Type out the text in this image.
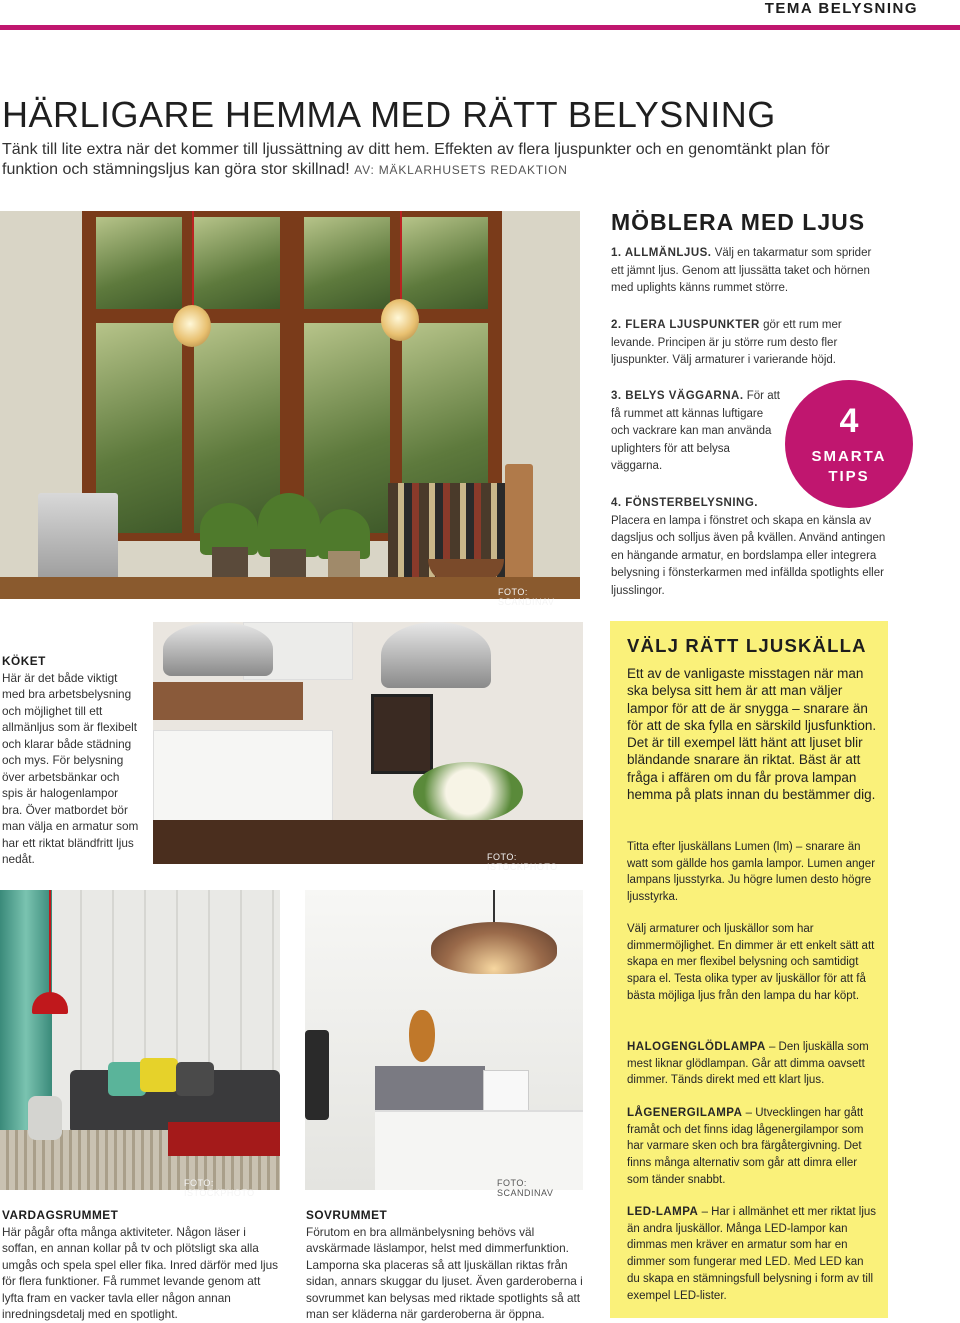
TEMA BELYSNING
HÄRLIGARE HEMMA MED RÄTT BELYSNING

Tänk till lite extra när det kommer till ljussättning av ditt hem. Effekten av flera ljuspunkter och en genomtänkt plan för funktion och stämningsljus kan göra stor skillnad! AV: MÄKLARHUSETS REDAKTION

FOTO: SCANDINAV
MÖBLERA MED LJUS

1. ALLMÄNLJUS. Välj en takarmatur som sprider ett jämnt ljus. Genom att ljussätta taket och hörnen med uplights känns rummet större.

2. FLERA LJUSPUNKTER gör ett rum mer levande. Principen är ju större rum desto fler ljuspunkter. Välj armaturer i varierande höjd.

3. BELYS VÄGGARNA. För att få rummet att kännas luftigare och vackrare kan man använda uplighters för att belysa väggarna.

4. FÖNSTERBELYSNING.
Placera en lampa i fönstret och skapa en känsla av dagsljus och solljus även på kvällen. Använd antingen en hängande armatur, en bordslampa eller integrera belysning i fönsterkarmen med infällda spotlights eller ljusslingor.

4
SMARTA TIPS
KÖKET
Här är det både viktigt med bra arbetsbelysning och möjlighet till ett allmänljus som är flexibelt och klarar både städning och mys. För belysning över arbetsbänkar och spis är halogenlampor bra. Över matbordet bör man välja en armatur som har ett riktat bländfritt ljus nedåt.	FOTO: ISTOCKPHOTO
FOTO: ISTOCKPHOTO
FOTO: SCANDINAV
VARDAGSRUMMET
Här pågår ofta många aktiviteter. Någon läser i soffan, en annan kollar på tv och plötsligt ska alla umgås och spela spel eller fika. Inred därför med ljus för flera funktioner. Få rummet levande genom att lyfta fram en vacker tavla eller någon annan inredningsdetalj med en spotlight.
SOVRUMMET
Förutom en bra allmänbelysning behövs väl avskärmade läslampor, helst med dimmerfunktion. Lamporna ska placeras så att ljuskällan riktas från sidan, annars skuggar du ljuset. Även garderoberna i sovrummet kan belysas med riktade spotlights så att man ser kläderna när garderoberna är öppna.
VÄLJ RÄTT LJUSKÄLLA

Ett av de vanligaste misstagen när man ska belysa sitt hem är att man väljer lampor för att de är snygga – snarare än för att de ska fylla en särskild ljusfunktion. Det är till exempel lätt hänt att ljuset blir bländande snarare än riktat. Bäst är att fråga i affären om du får prova lampan hemma på plats innan du bestämmer dig.

Titta efter ljuskällans Lumen (lm) – snarare än watt som gällde hos gamla lampor. Lumen anger lampans ljusstyrka. Ju högre lumen desto högre ljusstyrka.

Välj armaturer och ljuskällor som har dimmermöjlighet. En dimmer är ett enkelt sätt att skapa en mer flexibel belysning och samtidigt spara el. Testa olika typer av ljuskällor för att få bästa möjliga ljus från den lampa du har köpt.

HALOGENGLÖDLAMPA – Den ljuskälla som mest liknar glödlampan. Går att dimma oavsett dimmer. Tänds direkt med ett klart ljus.

LÅGENERGILAMPA – Utvecklingen har gått framåt och det finns idag lågenergilampor som har varmare sken och bra färgåtergivning. Det finns många alternativ som går att dimra eller som tänder snabbt.

LED-LAMPA – Har i allmänhet ett mer riktat ljus än andra ljuskällor. Många LED-lampor kan dimmas men kräver en armatur som har en dimmer som fungerar med LED. Med LED kan du skapa en stämningsfull belysning i form av till exempel LED-lister.
